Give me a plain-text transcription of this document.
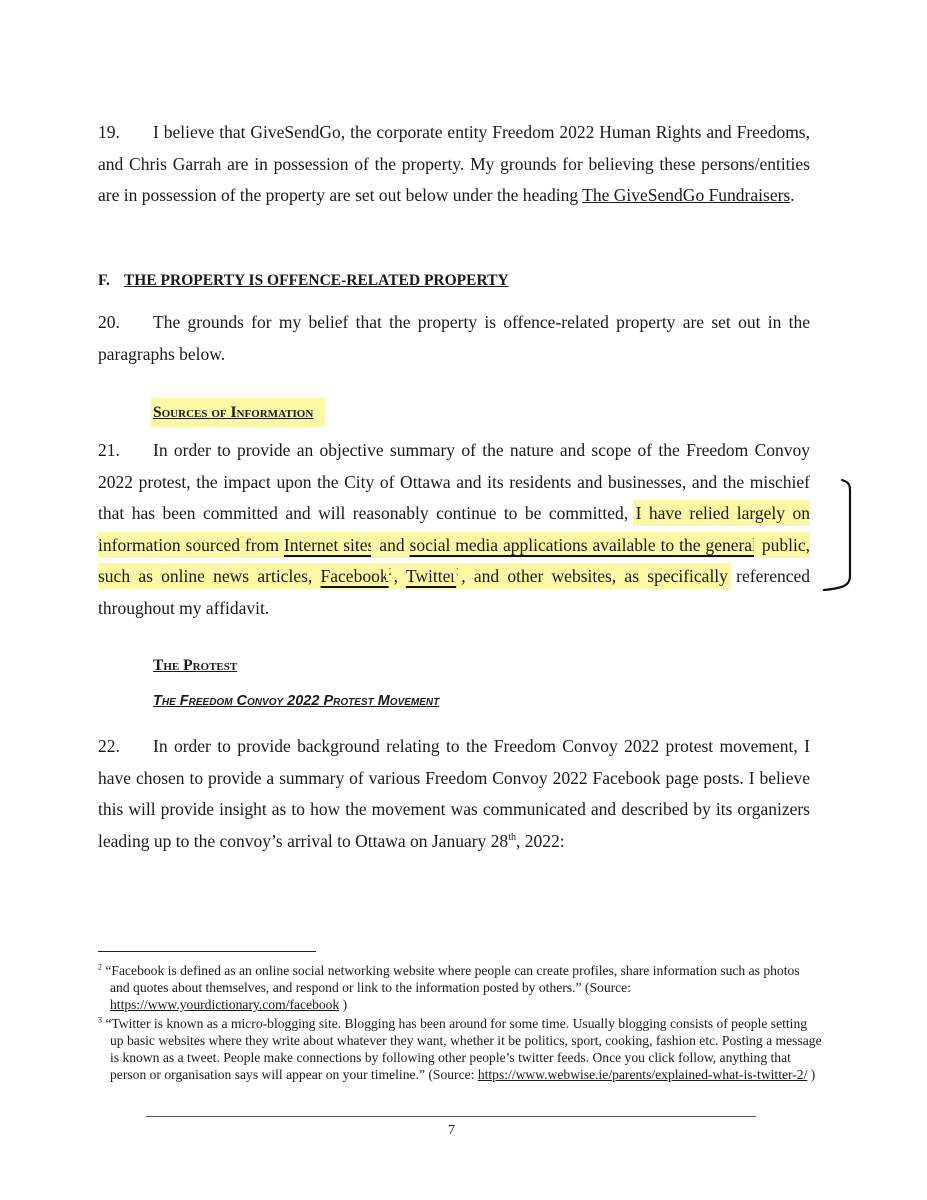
19. I believe that GiveSendGo, the corporate entity Freedom 2022 Human Rights and Freedoms, and Chris Garrah are in possession of the property. My grounds for believing these persons/entities are in possession of the property are set out below under the heading The GiveSendGo Fundraisers.

F. THE PROPERTY IS OFFENCE-RELATED PROPERTY

20. The grounds for my belief that the property is offence-related property are set out in the paragraphs below.

Sources of Information

21. In order to provide an objective summary of the nature and scope of the Freedom Convoy 2022 protest, the impact upon the City of Ottawa and its residents and businesses, and the mischief that has been committed and will reasonably continue to be committed, I have relied largely on information sourced from Internet sites and social media applications available to the general public, such as online news articles, Facebook$^2$, Twitter$^3$, and other websites, as specifically referenced throughout my affidavit.

The Protest

The Freedom Convoy 2022 Protest Movement

22. In order to provide background relating to the Freedom Convoy 2022 protest movement, I have chosen to provide a summary of various Freedom Convoy 2022 Facebook page posts. I believe this will provide insight as to how the movement was communicated and described by its organizers leading up to the convoy’s arrival to Ottawa on January 28th, 2022:

$^2$ “Facebook is defined as an online social networking website where people can create profiles, share information such as photos and quotes about themselves, and respond or link to the information posted by others.” (Source: https://www.yourdictionary.com/facebook )

$^3$ “Twitter is known as a micro-blogging site. Blogging has been around for some time. Usually blogging consists of people setting up basic websites where they write about whatever they want, whether it be politics, sport, cooking, fashion etc. Posting a message is known as a tweet. People make connections by following other people’s twitter feeds. Once you click follow, anything that person or organisation says will appear on your timeline.” (Source: https://www.webwise.ie/parents/explained-what-is-twitter-2/ )

7
